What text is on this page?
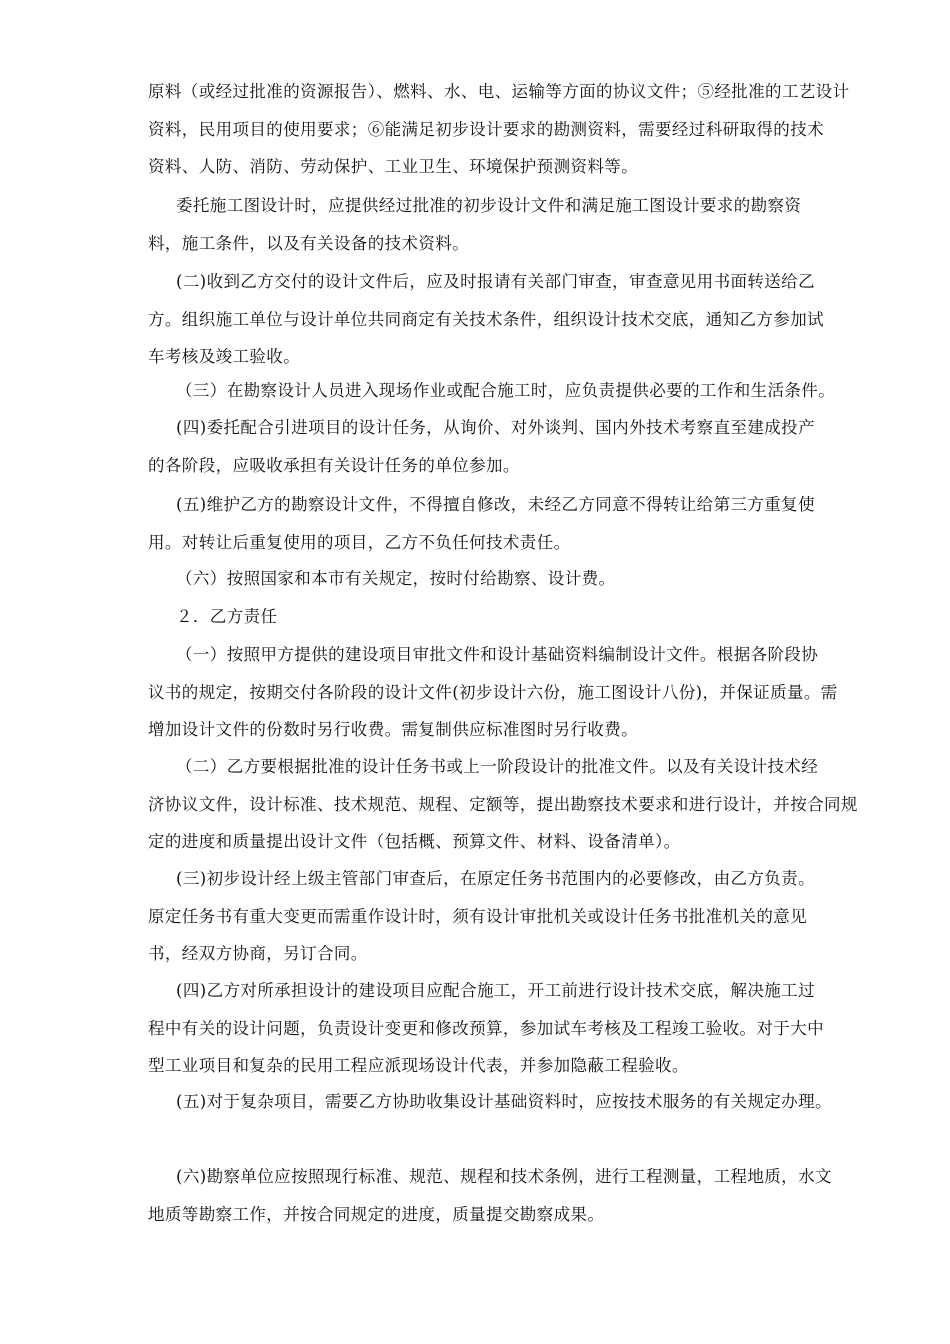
原料（或经过批准的资源报告）、燃料、水、电、运输等方面的协议文件；⑤经批准的工艺设计
资料，民用项目的使用要求；⑥能满足初步设计要求的勘测资料，需要经过科研取得的技术
资料、人防、消防、劳动保护、工业卫生、环境保护预测资料等。
委托施工图设计时，应提供经过批准的初步设计文件和满足施工图设计要求的勘察资
料，施工条件，以及有关设备的技术资料。
(二)收到乙方交付的设计文件后，应及时报请有关部门审查，审查意见用书面转送给乙
方。组织施工单位与设计单位共同商定有关技术条件，组织设计技术交底，通知乙方参加试
车考核及竣工验收。
（三）在勘察设计人员进入现场作业或配合施工时，应负责提供必要的工作和生活条件。
(四)委托配合引进项目的设计任务，从询价、对外谈判、国内外技术考察直至建成投产
的各阶段，应吸收承担有关设计任务的单位参加。
(五)维护乙方的勘察设计文件，不得擅自修改，未经乙方同意不得转让给第三方重复使
用。对转让后重复使用的项目，乙方不负任何技术责任。
（六）按照国家和本市有关规定，按时付给勘察、设计费。
２．乙方责任
（一）按照甲方提供的建设项目审批文件和设计基础资料编制设计文件。根据各阶段协
议书的规定，按期交付各阶段的设计文件(初步设计六份，施工图设计八份)，并保证质量。需
增加设计文件的份数时另行收费。需复制供应标准图时另行收费。
（二）乙方要根据批准的设计任务书或上一阶段设计的批准文件。以及有关设计技术经
济协议文件，设计标准、技术规范、规程、定额等，提出勘察技术要求和进行设计，并按合同规
定的进度和质量提出设计文件（包括概、预算文件、材料、设备清单）。
(三)初步设计经上级主管部门审查后，在原定任务书范围内的必要修改，由乙方负责。
原定任务书有重大变更而需重作设计时，须有设计审批机关或设计任务书批准机关的意见
书，经双方协商，另订合同。
(四)乙方对所承担设计的建设项目应配合施工，开工前进行设计技术交底，解决施工过
程中有关的设计问题，负责设计变更和修改预算，参加试车考核及工程竣工验收。对于大中
型工业项目和复杂的民用工程应派现场设计代表，并参加隐蔽工程验收。
(五)对于复杂项目，需要乙方协助收集设计基础资料时，应按技术服务的有关规定办理。
(六)勘察单位应按照现行标准、规范、规程和技术条例，进行工程测量，工程地质，水文
地质等勘察工作，并按合同规定的进度，质量提交勘察成果。
